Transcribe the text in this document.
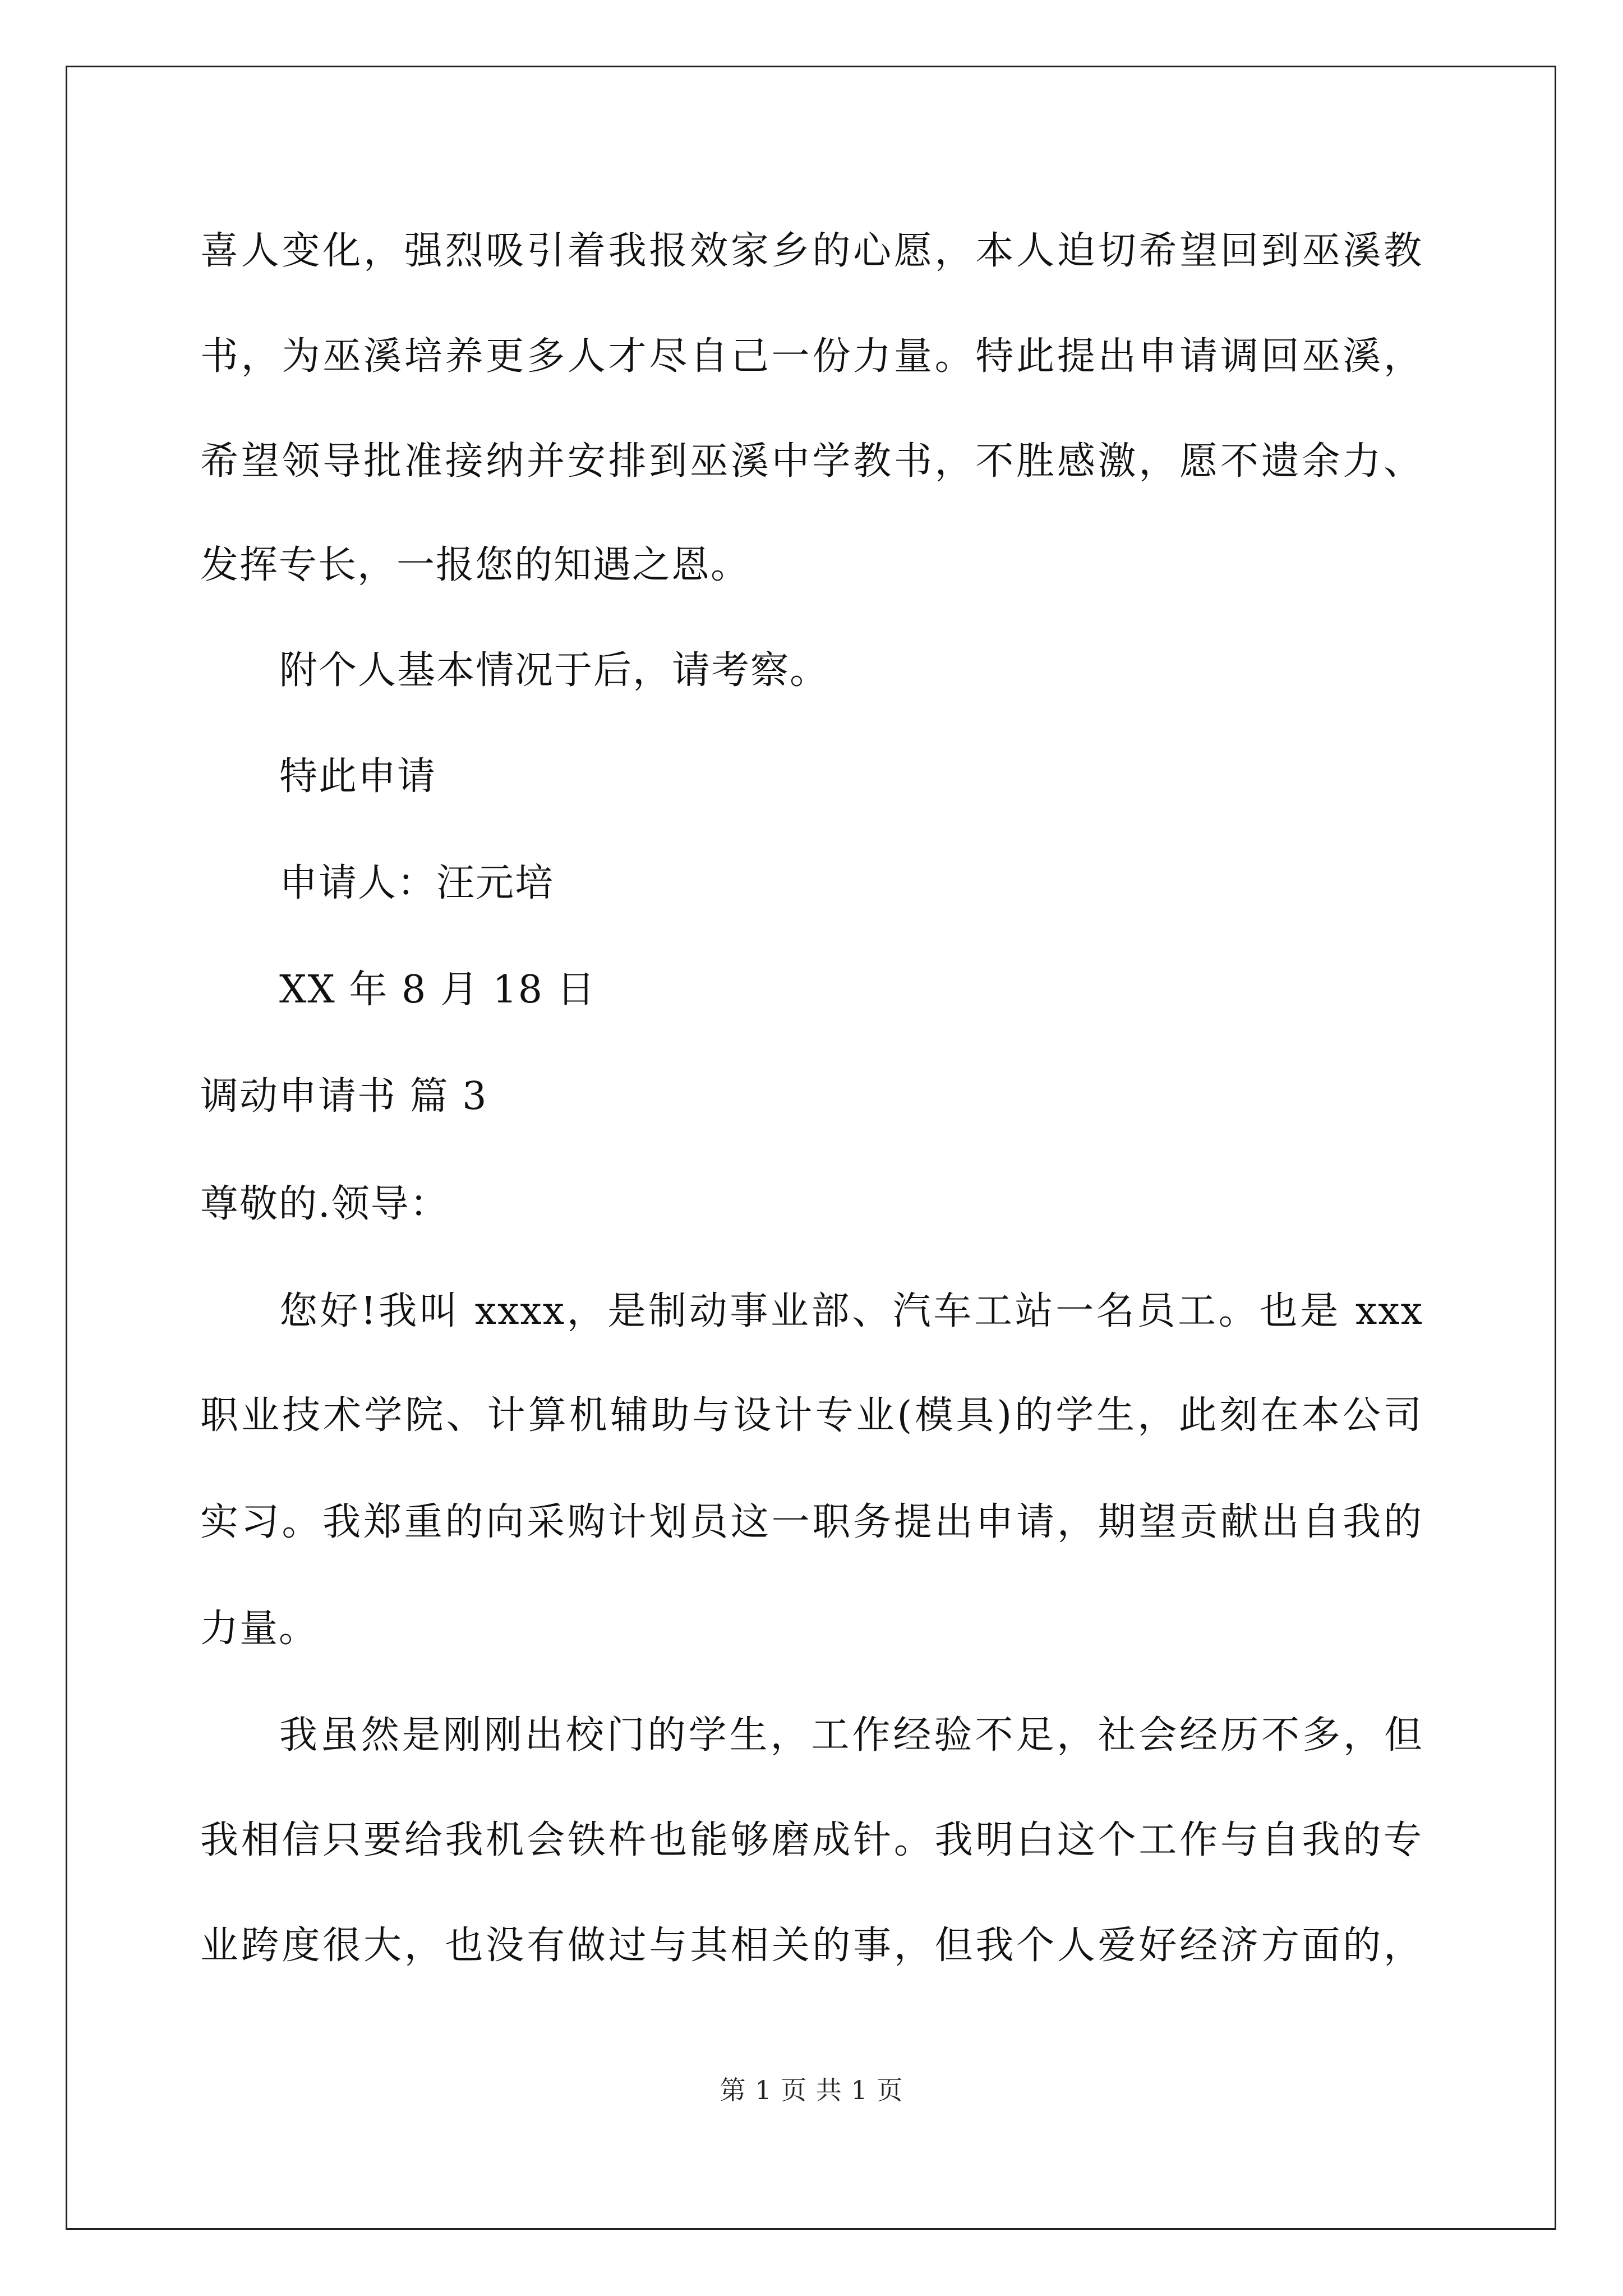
喜人变化，强烈吸引着我报效家乡的心愿，本人迫切希望回到巫溪教
书，为巫溪培养更多人才尽自己一份力量。特此提出申请调回巫溪，
希望领导批准接纳并安排到巫溪中学教书，不胜感激，愿不遗余力、
发挥专长，一报您的知遇之恩。
附个人基本情况于后，请考察。
特此申请
申请人：汪元培
XX 年 8 月 18 日
调动申请书 篇 3
尊敬的.领导：
您好!我叫 xxxx，是制动事业部、汽车工站一名员工。也是 xxx
职业技术学院、计算机辅助与设计专业(模具)的学生，此刻在本公司
实习。我郑重的向采购计划员这一职务提出申请，期望贡献出自我的
力量。
我虽然是刚刚出校门的学生，工作经验不足，社会经历不多，但
我相信只要给我机会铁杵也能够磨成针。我明白这个工作与自我的专
业跨度很大，也没有做过与其相关的事，但我个人爱好经济方面的，
第 1 页 共 1 页
